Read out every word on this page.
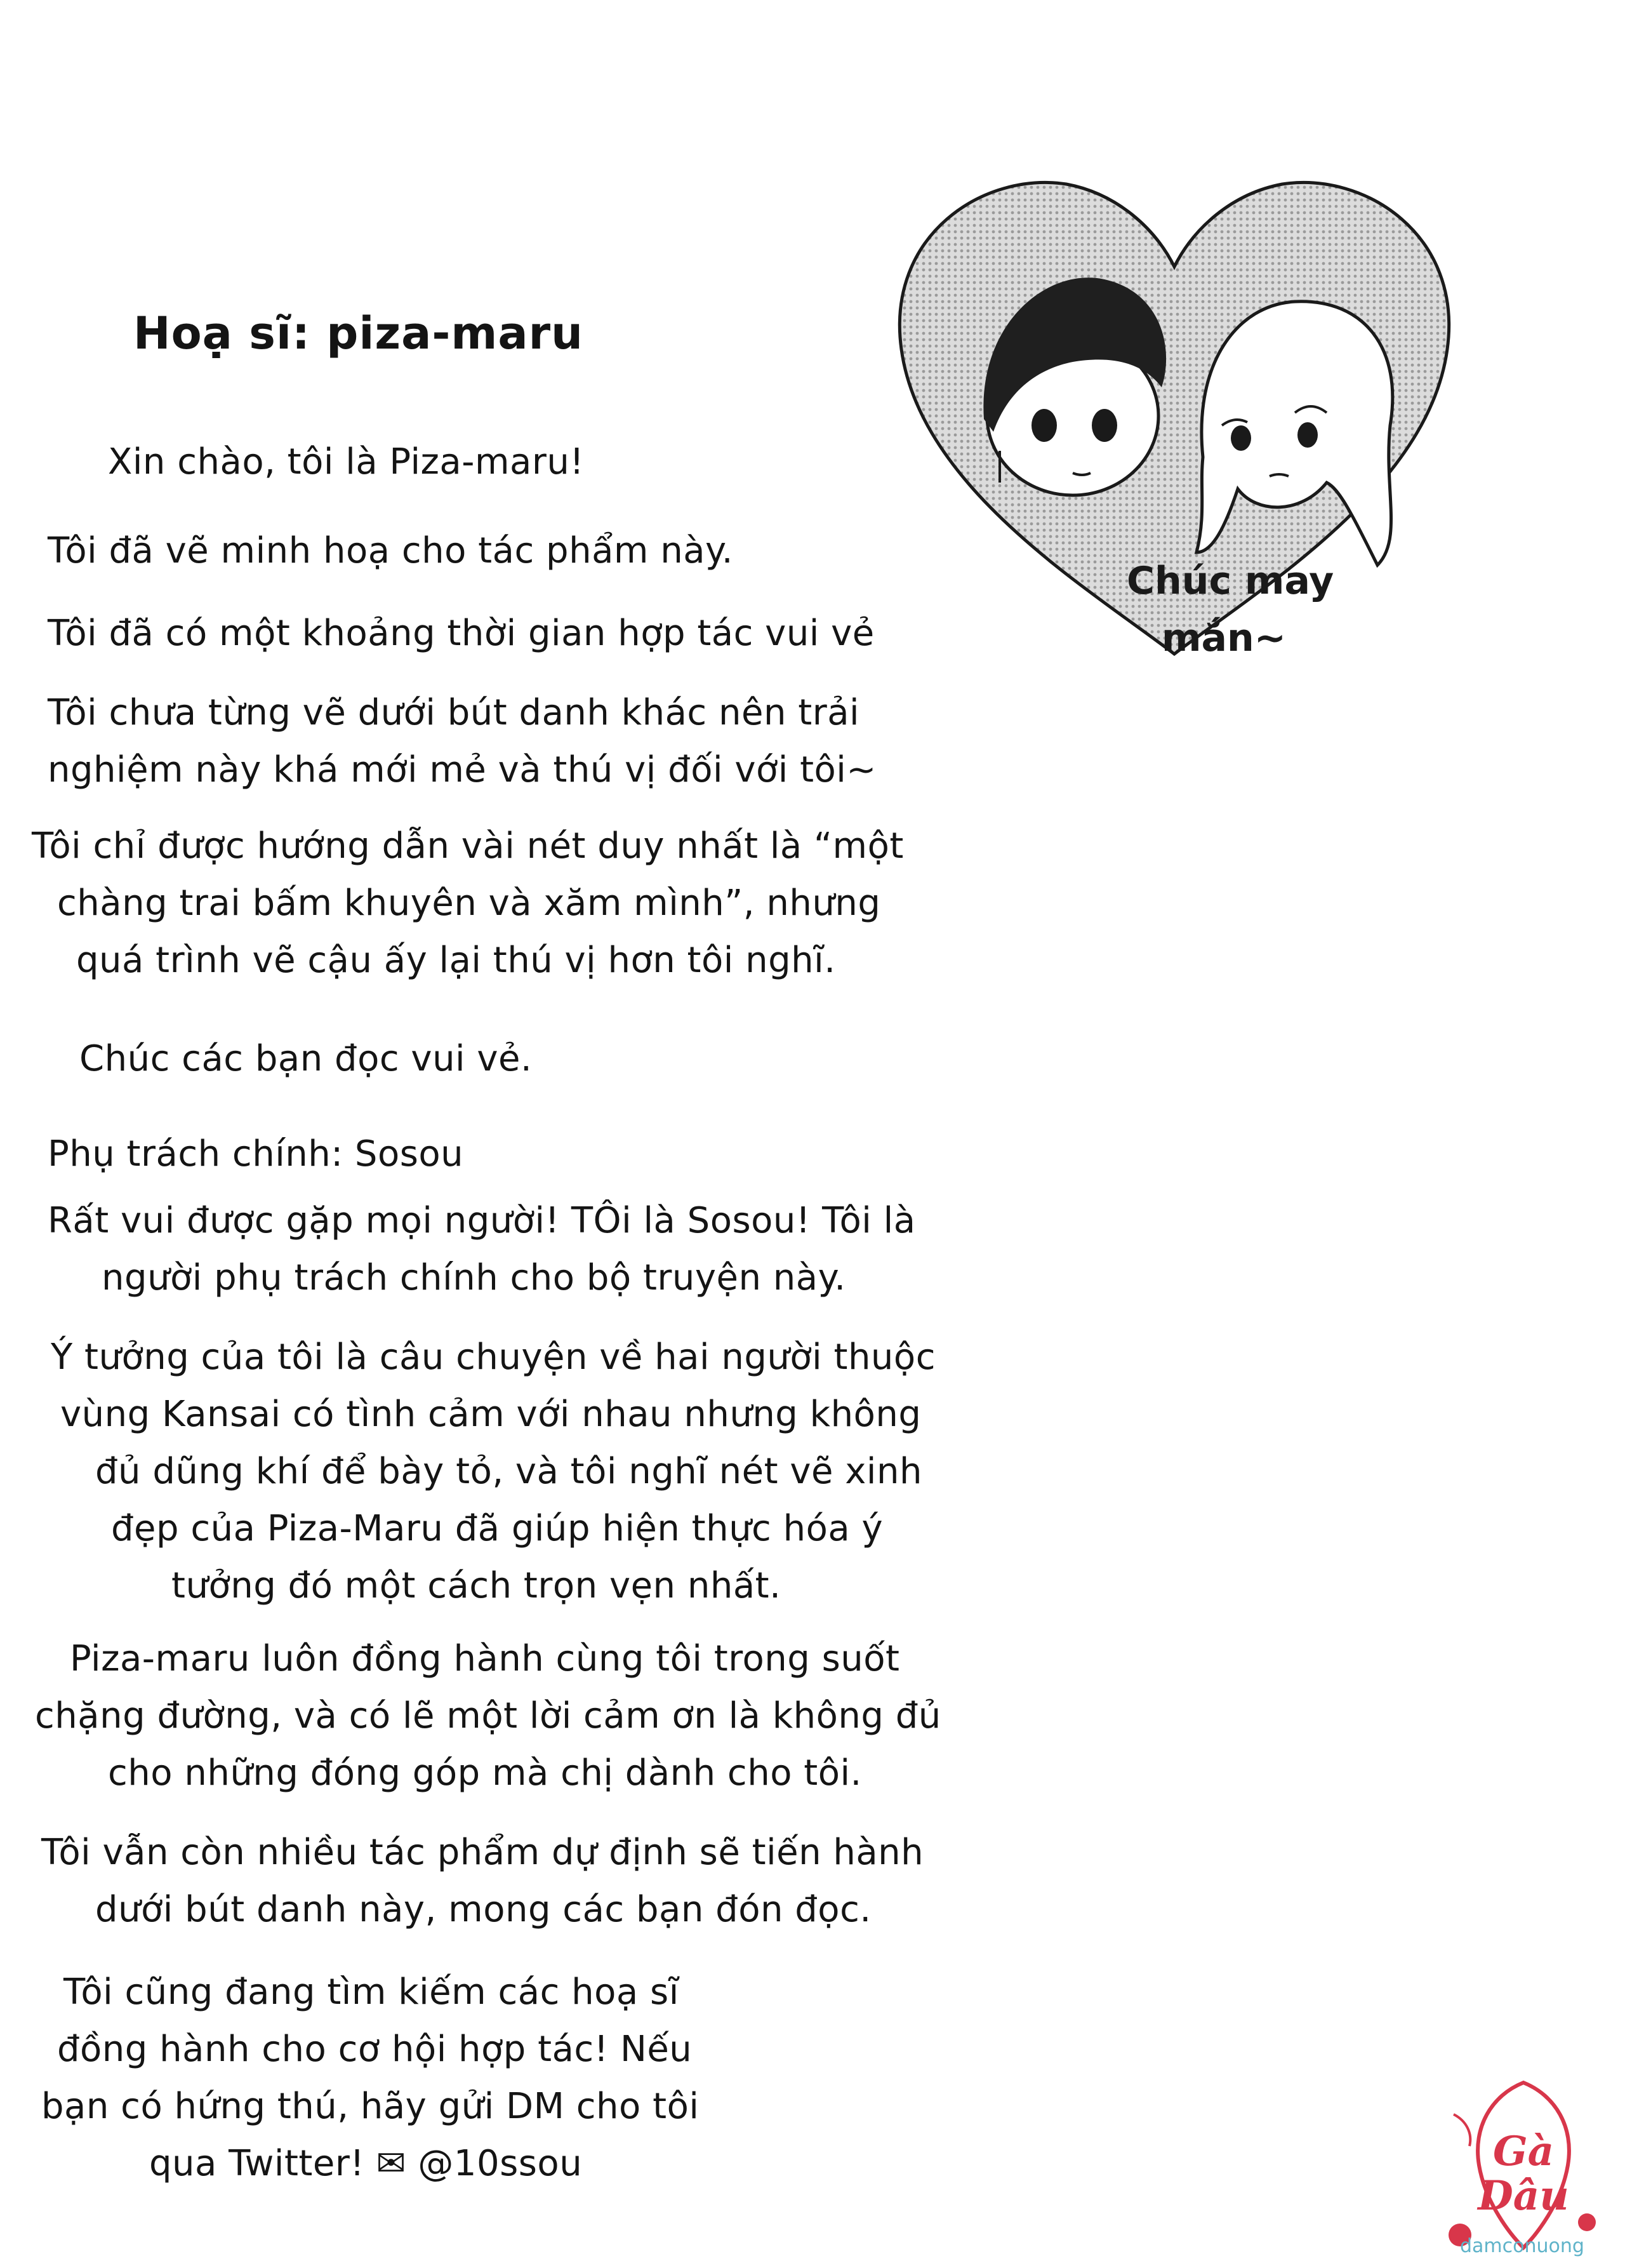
Hoạ sĩ: piza-maru
Xin chào, tôi là Piza-maru!
Tôi đã vẽ minh hoạ cho tác phẩm này.
Tôi đã có một khoảng thời gian hợp tác vui vẻ
Tôi chưa từng vẽ dưới bút danh khác nên trải
nghiệm này khá mới mẻ và thú vị đối với tôi~
Tôi chỉ được hướng dẫn vài nét duy nhất là “một
chàng trai bấm khuyên và xăm mình”, nhưng
quá trình vẽ cậu ấy lại thú vị hơn tôi nghĩ.
Chúc các bạn đọc vui vẻ.
Phụ trách chính: Sosou
Rất vui được gặp mọi người! TÔi là Sosou! Tôi là
người phụ trách chính cho bộ truyện này.
Ý tưởng của tôi là câu chuyện về hai người thuộc
vùng Kansai có tình cảm với nhau nhưng không
đủ dũng khí để bày tỏ, và tôi nghĩ nét vẽ xinh
đẹp của Piza-Maru đã giúp hiện thực hóa ý
tưởng đó một cách trọn vẹn nhất.
Piza-maru luôn đồng hành cùng tôi trong suốt
chặng đường, và có lẽ một lời cảm ơn là không đủ
cho những đóng góp mà chị dành cho tôi.
Tôi vẫn còn nhiều tác phẩm dự định sẽ tiến hành
dưới bút danh này, mong các bạn đón đọc.
Tôi cũng đang tìm kiếm các hoạ sĩ
đồng hành cho cơ hội hợp tác! Nếu
bạn có hứng thú, hãy gửi DM cho tôi
qua Twitter! ✉ @10ssou
Chúc may
mắn~
Gà
Dâu
damconuong
